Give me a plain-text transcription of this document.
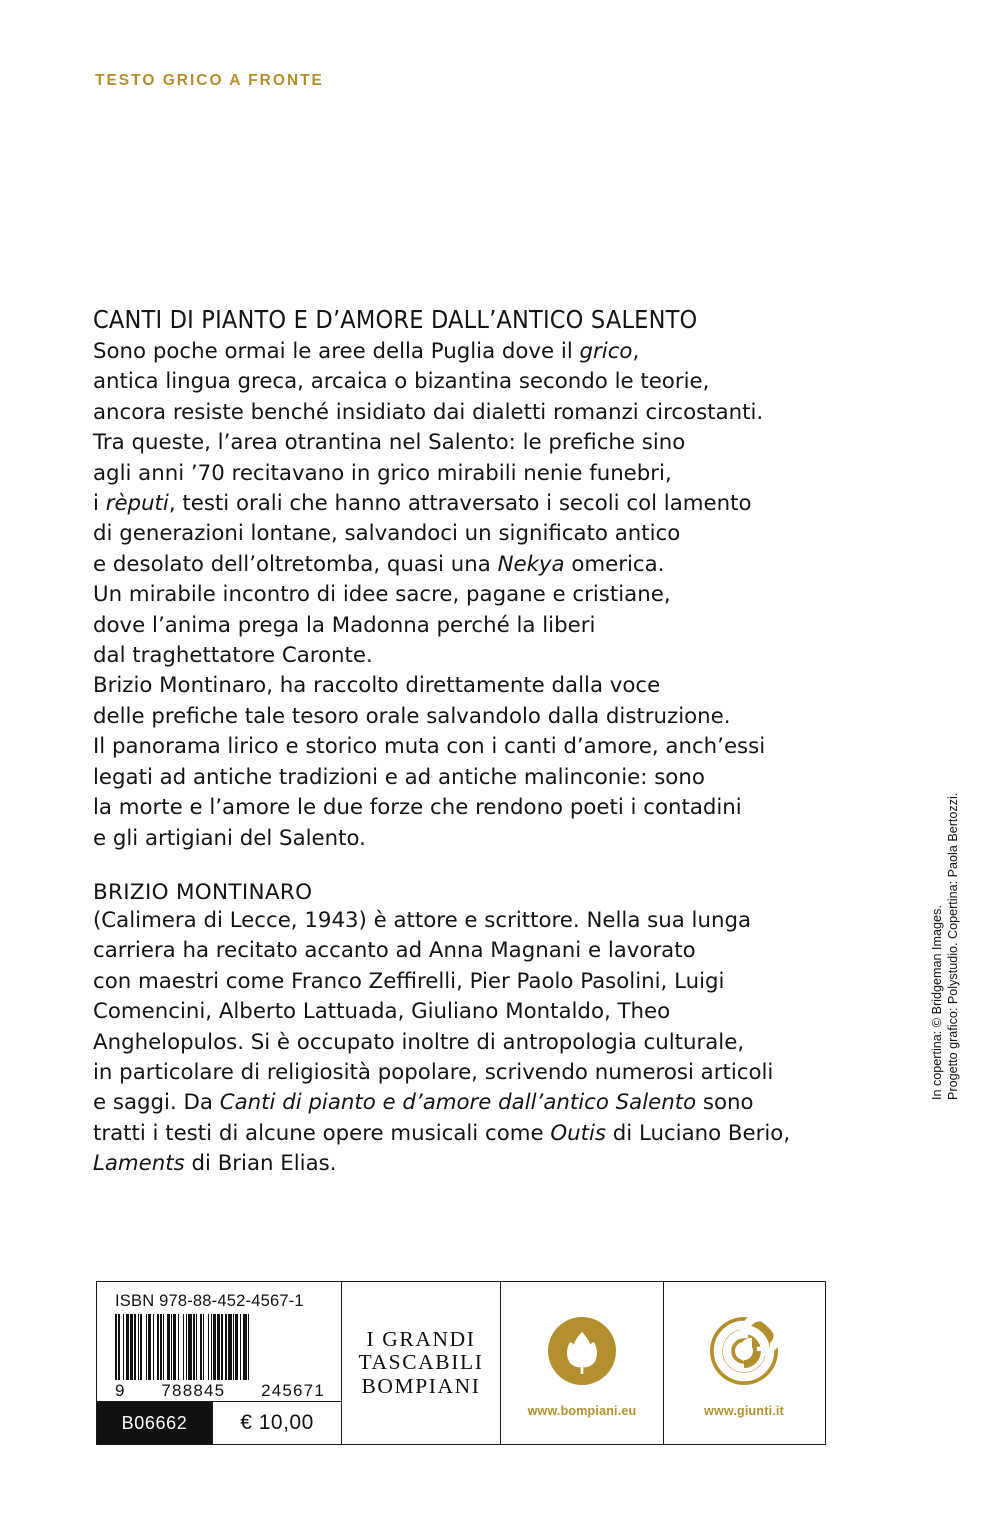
TESTO GRICO A FRONTE
CANTI DI PIANTO E D’AMORE DALL’ANTICO SALENTO

Sono poche ormai le aree della Puglia dove il grico,
antica lingua greca, arcaica o bizantina secondo le teorie,
ancora resiste benché insidiato dai dialetti romanzi circostanti.
Tra queste, l’area otrantina nel Salento: le prefiche sino
agli anni ’70 recitavano in grico mirabili nenie funebri,
i rèputi, testi orali che hanno attraversato i secoli col lamento
di generazioni lontane, salvandoci un significato antico
e desolato dell’oltretomba, quasi una Nekya omerica.
Un mirabile incontro di idee sacre, pagane e cristiane,
dove l’anima prega la Madonna perché la liberi
dal traghettatore Caronte.
Brizio Montinaro, ha raccolto direttamente dalla voce
delle prefiche tale tesoro orale salvandolo dalla distruzione.
Il panorama lirico e storico muta con i canti d’amore, anch’essi
legati ad antiche tradizioni e ad antiche malinconie: sono
la morte e l’amore le due forze che rendono poeti i contadini
e gli artigiani del Salento.

BRIZIO MONTINARO

(Calimera di Lecce, 1943) è attore e scrittore. Nella sua lunga
carriera ha recitato accanto ad Anna Magnani e lavorato
con maestri come Franco Zeffirelli, Pier Paolo Pasolini, Luigi
Comencini, Alberto Lattuada, Giuliano Montaldo, Theo
Anghelopulos. Si è occupato inoltre di antropologia culturale,
in particolare di religiosità popolare, scrivendo numerosi articoli
e saggi. Da Canti di pianto e d’amore dall’antico Salento sono
tratti i testi di alcune opere musicali come Outis di Luciano Berio,
Laments di Brian Elias.

ISBN 978-88-452-4567-1
9 788845 245671
B06662	€ 10,00
I GRANDI
TASCABILI
BOMPIANI
www.bompiani.eu	www.giunti.it
In copertina: © Bridgeman Images. Progetto grafico: Polystudio. Copertina: Paola Bertozzi.
